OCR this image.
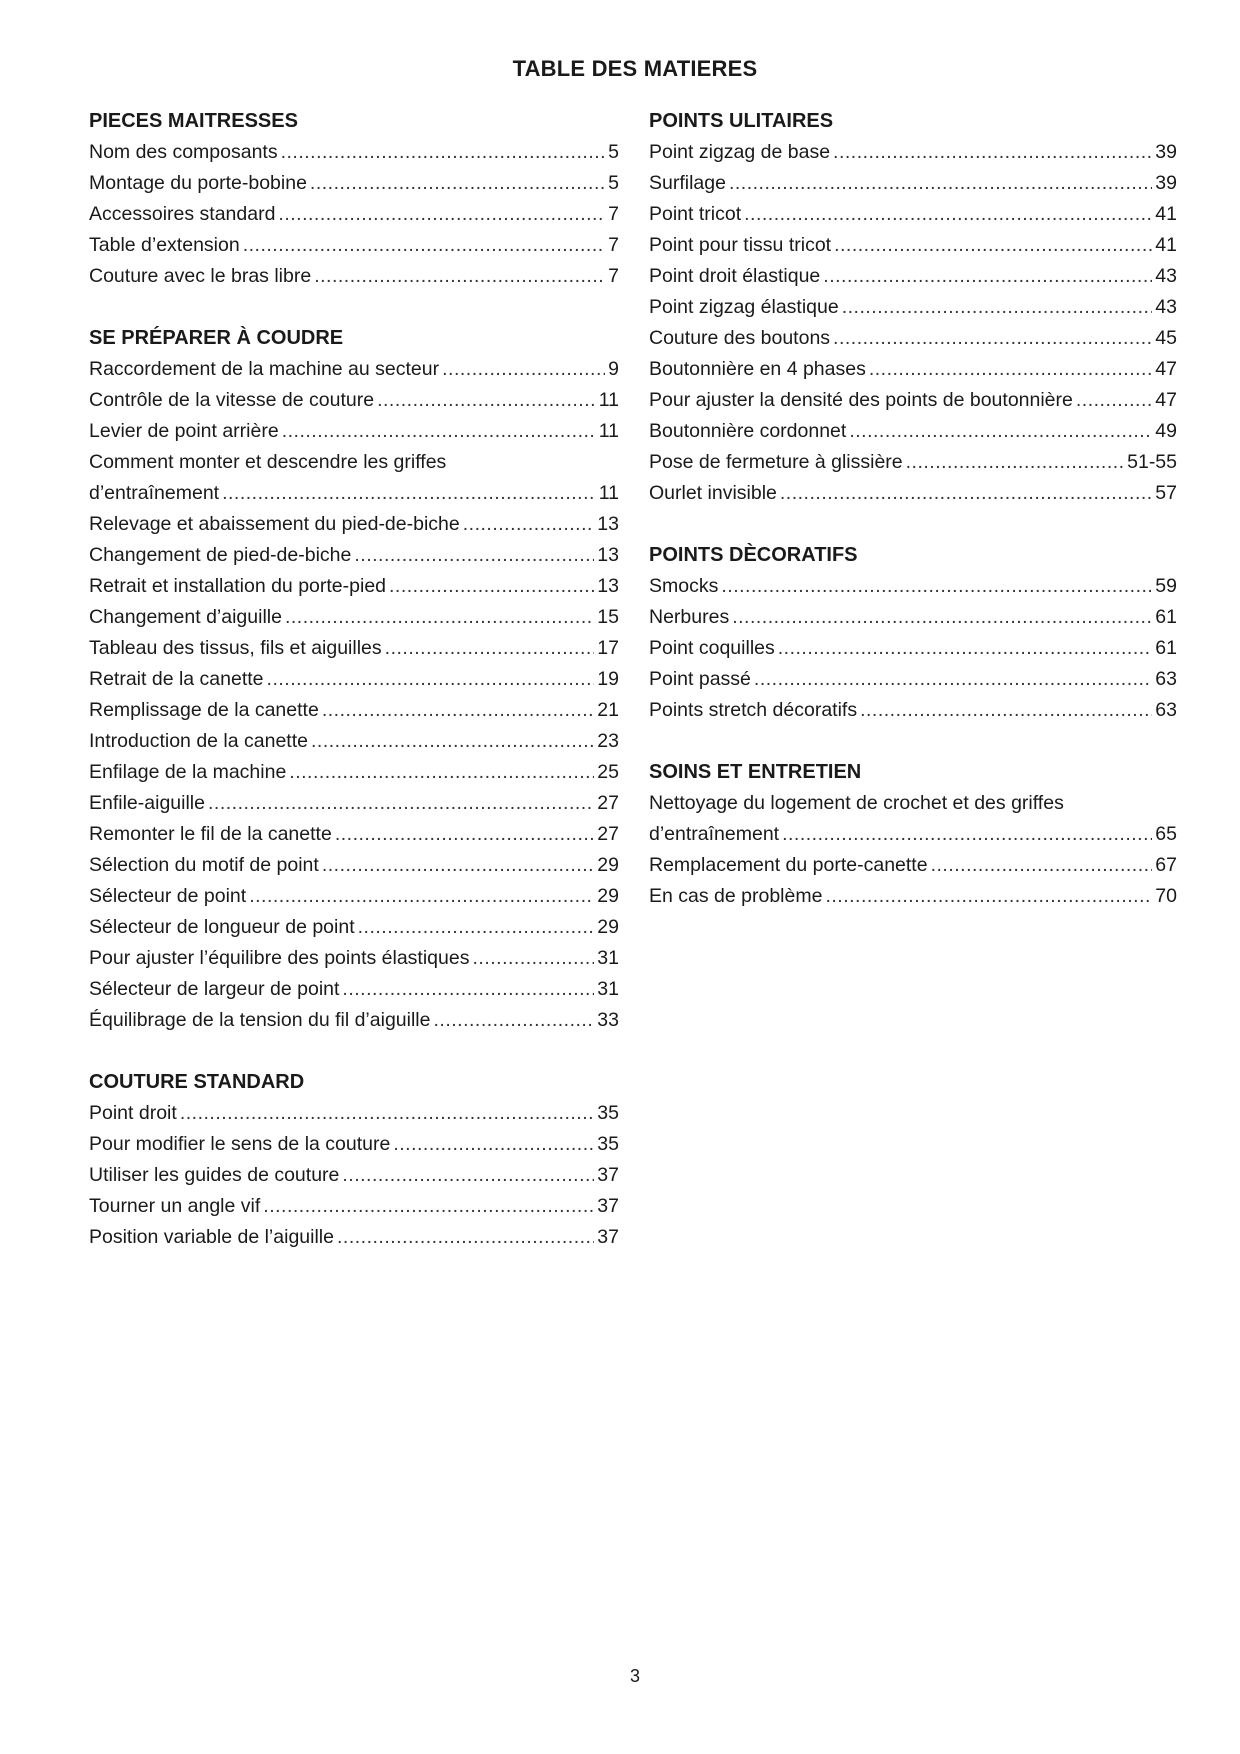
TABLE DES MATIERES
PIECES MAITRESSES
Nom des composants .....	5
Montage du porte-bobine .....	5
Accessoires standard .....	7
Table d’extension .....	7
Couture avec le bras libre .....	7
SE PRÉPARER À COUDRE
Raccordement de la machine au secteur .....	9
Contrôle de la vitesse de couture .....	11
Levier de point arrière .....	11
Comment monter et descendre les griffes
d’entraînement .....	11
Relevage et abaissement du pied-de-biche .....	13
Changement de pied-de-biche .....	13
Retrait et installation du porte-pied .....	13
Changement d’aiguille .....	15
Tableau des tissus, fils et aiguilles .....	17
Retrait de la canette .....	19
Remplissage de la canette .....	21
Introduction de la canette .....	23
Enfilage de la machine .....	25
Enfile-aiguille .....	27
Remonter le fil de la canette .....	27
Sélection du motif de point .....	29
Sélecteur de point .....	29
Sélecteur de longueur de point .....	29
Pour ajuster l’équilibre des points élastiques .....	31
Sélecteur de largeur de point .....	31
Équilibrage de la tension du fil d’aiguille .....	33
COUTURE STANDARD
Point droit .....	35
Pour modifier le sens de la couture .....	35
Utiliser les guides de couture .....	37
Tourner un angle vif .....	37
Position variable de l’aiguille .....	37
POINTS ULITAIRES
Point zigzag de base .....	39
Surfilage .....	39
Point tricot .....	41
Point pour tissu tricot .....	41
Point droit élastique .....	43
Point zigzag élastique .....	43
Couture des boutons .....	45
Boutonnière en 4 phases .....	47
Pour ajuster la densité des points de boutonnière .....	47
Boutonnière cordonnet .....	49
Pose de fermeture à glissière .....	51-55
Ourlet invisible .....	57
POINTS DÈCORATIFS
Smocks .....	59
Nerbures .....	61
Point coquilles .....	61
Point passé .....	63
Points stretch décoratifs .....	63
SOINS ET ENTRETIEN
Nettoyage du logement de crochet et des griffes
d’entraînement .....	65
Remplacement du porte-canette .....	67
En cas de problème .....	70
3
